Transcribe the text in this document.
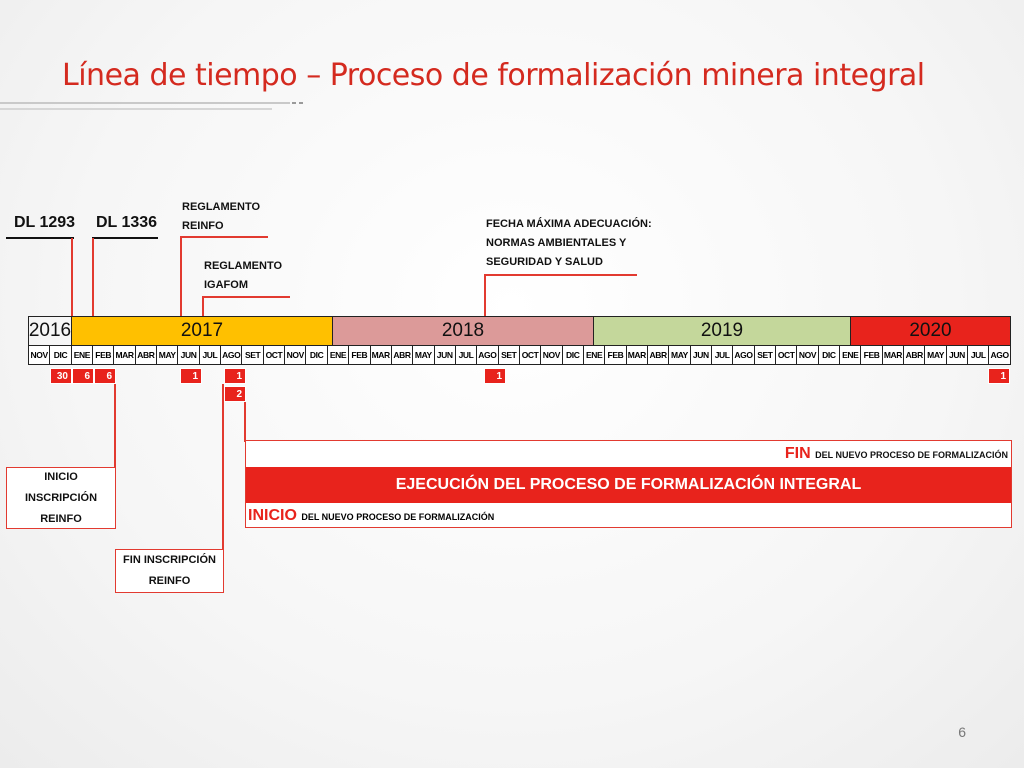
Línea de tiempo – Proceso de formalización minera integral
DL 1293 DL 1336
REGLAMENTO
REINFO
REGLAMENTO
IGAFOM
FECHA MÁXIMA ADECUACIÓN:
NORMAS AMBIENTALES Y
SEGURIDAD Y SALUD
2016	2017	2018	2019	2020
NOV DIC ENE FEB MAR ABR MAY JUN JUL AGO SET OCT NOV DIC ENE FEB MAR ABR MAY JUN JUL AGO SET OCT NOV DIC ENE FEB MAR ABR MAY JUN JUL AGO SET OCT NOV DIC ENE FEB MAR ABR MAY JUN JUL AGO
30	6	6	1	1
2
1	1
INICIO INSCRIPCIÓN
REINFO
FIN INSCRIPCIÓN
REINFO
FIN DEL NUEVO PROCESO DE FORMALIZACIÓN
EJECUCIÓN DEL PROCESO DE FORMALIZACIÓN INTEGRAL
INICIO DEL NUEVO PROCESO DE FORMALIZACIÓN
6
